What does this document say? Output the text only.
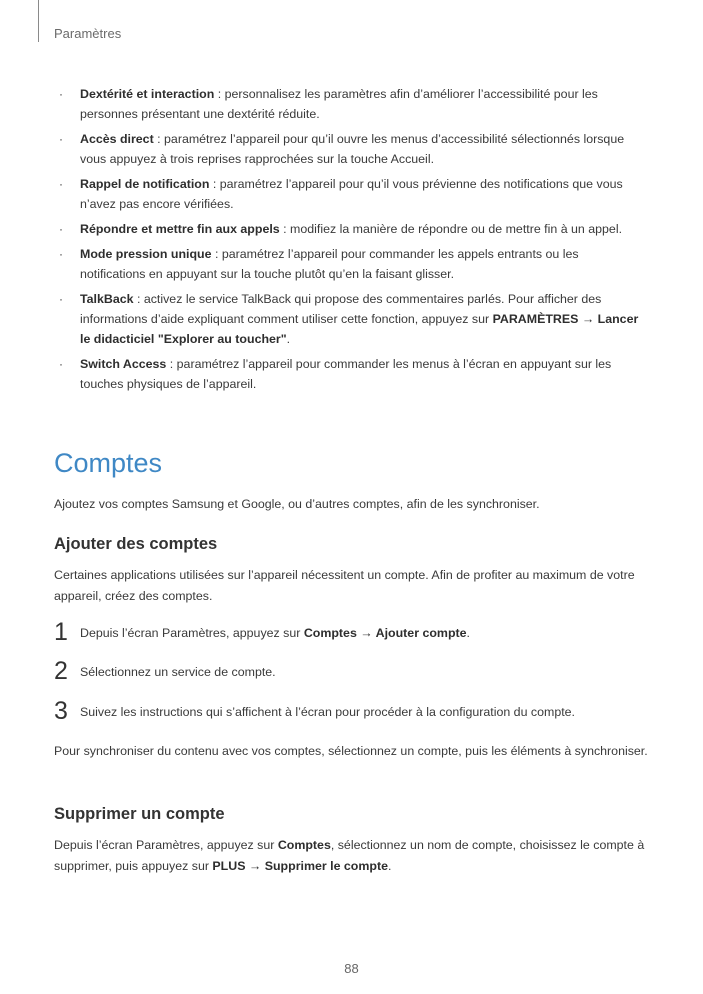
Paramètres
· Dextérité et interaction : personnalisez les paramètres afin d’améliorer l’accessibilité pour les personnes présentant une dextérité réduite.
· Accès direct : paramétrez l’appareil pour qu’il ouvre les menus d’accessibilité sélectionnés lorsque vous appuyez à trois reprises rapprochées sur la touche Accueil.
· Rappel de notification : paramétrez l’appareil pour qu’il vous prévienne des notifications que vous n’avez pas encore vérifiées.
· Répondre et mettre fin aux appels : modifiez la manière de répondre ou de mettre fin à un appel.
· Mode pression unique : paramétrez l’appareil pour commander les appels entrants ou les notifications en appuyant sur la touche plutôt qu’en la faisant glisser.
· TalkBack : activez le service TalkBack qui propose des commentaires parlés. Pour afficher des informations d’aide expliquant comment utiliser cette fonction, appuyez sur PARAMÈTRES → Lancer le didacticiel "Explorer au toucher".
· Switch Access : paramétrez l’appareil pour commander les menus à l’écran en appuyant sur les touches physiques de l’appareil.
Comptes

Ajoutez vos comptes Samsung et Google, ou d’autres comptes, afin de les synchroniser.

Ajouter des comptes

Certaines applications utilisées sur l’appareil nécessitent un compte. Afin de profiter au maximum de votre appareil, créez des comptes.

1 Depuis l’écran Paramètres, appuyez sur Comptes → Ajouter compte.
2 Sélectionnez un service de compte.
3 Suivez les instructions qui s’affichent à l’écran pour procéder à la configuration du compte.

Pour synchroniser du contenu avec vos comptes, sélectionnez un compte, puis les éléments à synchroniser.

Supprimer un compte

Depuis l’écran Paramètres, appuyez sur Comptes, sélectionnez un nom de compte, choisissez le compte à supprimer, puis appuyez sur PLUS → Supprimer le compte.

88
